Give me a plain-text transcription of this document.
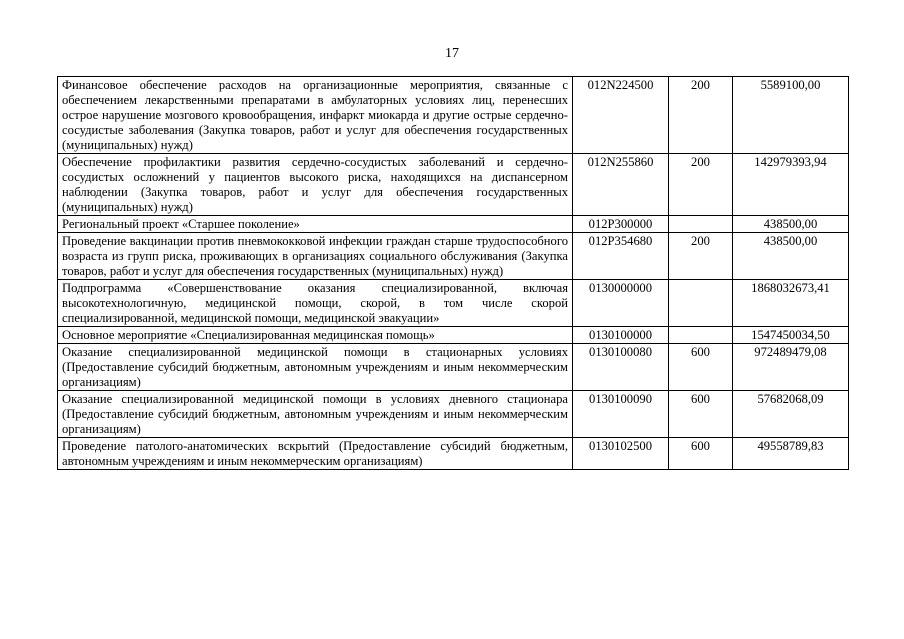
17
Финансовое обеспечение расходов на организационные мероприятия, связанные с обеспечением лекарственными препаратами в амбулаторных условиях лиц, перенесших острое нарушение мозгового кровообращения, инфаркт миокарда и другие острые сердечно-сосудистые заболевания (Закупка товаров, работ и услуг для обеспечения государственных (муниципальных) нужд)	012N224500	200	5589100,00
Обеспечение профилактики развития сердечно-сосудистых заболеваний и сердечно-сосудистых осложнений у пациентов высокого риска, находящихся на диспансерном наблюдении (Закупка товаров, работ и услуг для обеспечения государственных (муниципальных) нужд)	012N255860	200	142979393,94
Региональный проект «Старшее поколение»	012P300000		438500,00
Проведение вакцинации против пневмококковой инфекции граждан старше трудоспособного возраста из групп риска, проживающих в организациях социального обслуживания (Закупка товаров, работ и услуг для обеспечения государственных (муниципальных) нужд)	012P354680	200	438500,00
Подпрограмма «Совершенствование оказания специализированной, включая высокотехнологичную, медицинской помощи, скорой, в том числе скорой специализированной, медицинской помощи, медицинской эвакуации»	0130000000		1868032673,41
Основное мероприятие «Специализированная медицинская помощь»	0130100000		1547450034,50
Оказание специализированной медицинской помощи в стационарных условиях (Предоставление субсидий бюджетным, автономным учреждениям и иным некоммерческим организациям)	0130100080	600	972489479,08
Оказание специализированной медицинской помощи в условиях дневного стационара (Предоставление субсидий бюджетным, автономным учреждениям и иным некоммерческим организациям)	0130100090	600	57682068,09
Проведение патолого-анатомических вскрытий (Предоставление субсидий бюджетным, автономным учреждениям и иным некоммерческим организациям)	0130102500	600	49558789,83
